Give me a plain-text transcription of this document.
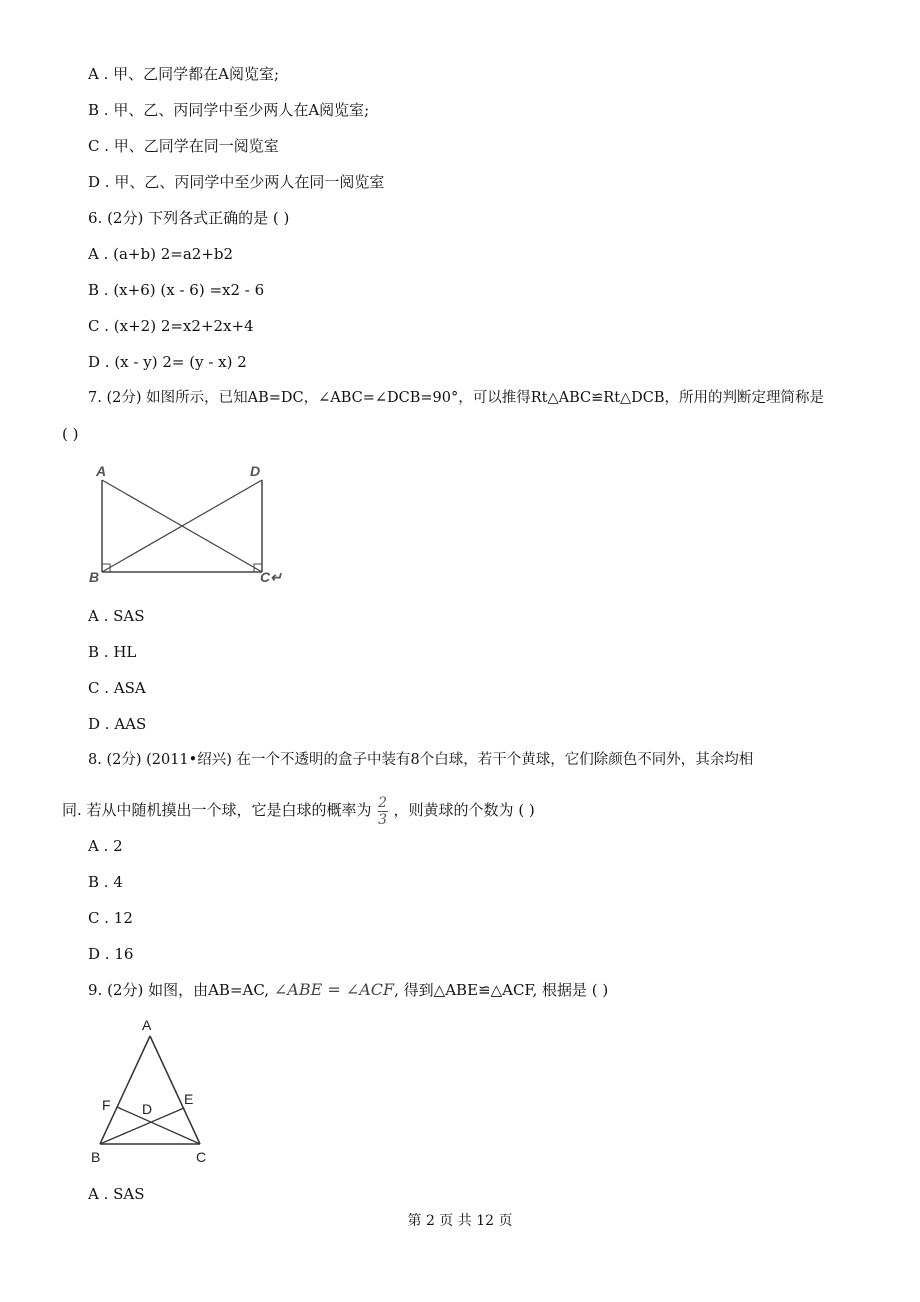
A . 甲、乙同学都在A阅览室;
B . 甲、乙、丙同学中至少两人在A阅览室;
C . 甲、乙同学在同一阅览室
D . 甲、乙、丙同学中至少两人在同一阅览室
6. (2分) 下列各式正确的是 ( )
A . (a+b) 2=a2+b2
B . (x+6) (x - 6) =x2 - 6
C . (x+2) 2=x2+2x+4
D . (x - y) 2= (y - x) 2
7. (2分) 如图所示，已知AB=DC，∠ABC=∠DCB=90°，可以推得Rt△ABC≌Rt△DCB，所用的判断定理简称是
( )
A	D
B	C↵
A . SAS
B . HL
C . ASA
D . AAS
8. (2分) (2011•绍兴) 在一个不透明的盒子中装有8个白球，若干个黄球，它们除颜色不同外，其余均相
同. 若从中随机摸出一个球，它是白球的概率为 $\frac{2}{3}$ ，则黄球的个数为 ( )
A . 2
B . 4
C . 12
D . 16
9. (2分) 如图，由AB=AC, ∠ABE = ∠ACF, 得到△ABE≌△ACF, 根据是 ( )
A
F D
E
B	C
A . SAS
第 2 页 共 12 页
